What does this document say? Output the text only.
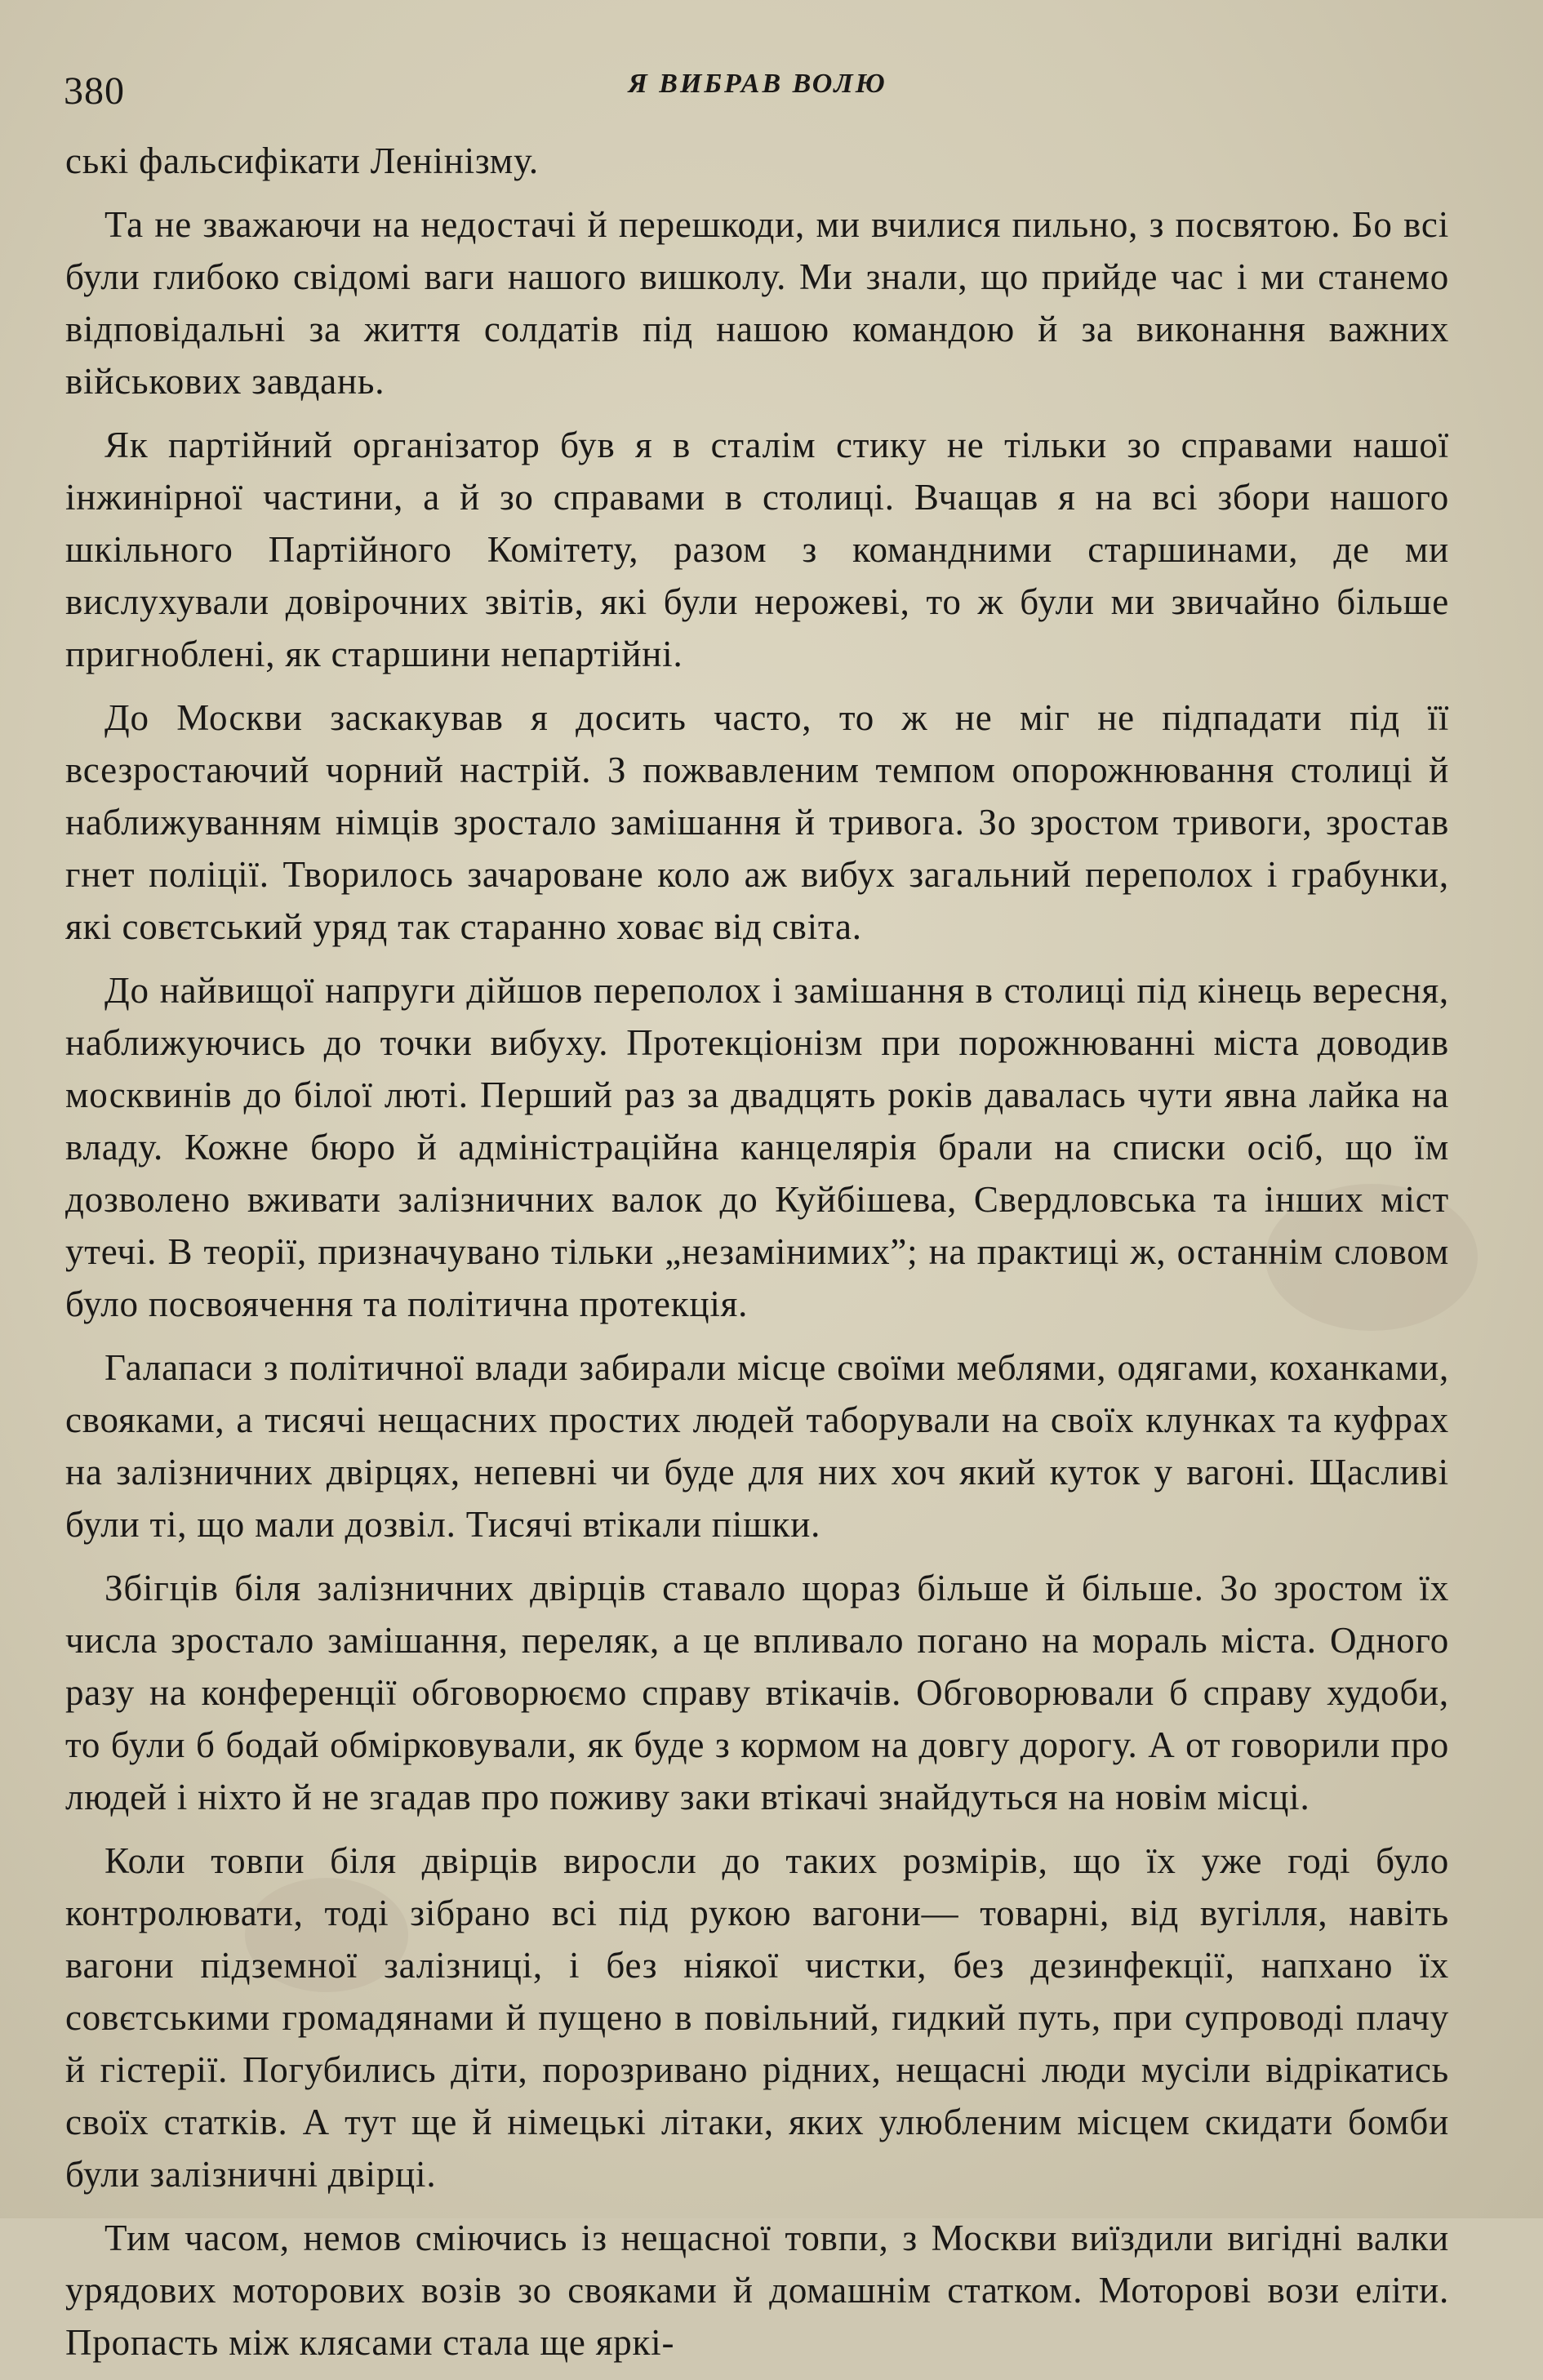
380	Я ВИБРАВ ВОЛЮ

ські фальсифікати Ленінізму.

Та не зважаючи на недостачі й перешкоди, ми вчилися пильно, з посвятою. Бо всі були глибоко свідомі ваги нашого вишколу. Ми знали, що прийде час і ми станемо відповідальні за життя солдатів під нашою командою й за виконання важних військових завдань.

Як партійний організатор був я в сталім стику не тільки зо справами нашої інжинірної частини, а й зо справами в столиці. Вчащав я на всі збори нашого шкільного Партійного Комітету, разом з командними старшинами, де ми вислухували довірочних звітів, які були нерожеві, то ж були ми звичайно більше пригноблені, як старшини непартійні.

До Москви заскакував я досить часто, то ж не міг не підпадати під її всезростаючий чорний настрій. З пожвавленим темпом опорожнювання столиці й наближуванням німців зростало замішання й тривога. Зо зростом тривоги, зростав гнет поліції. Творилось зачароване коло аж вибух загальний переполох і грабунки, які совєтський уряд так старанно ховає від світа.

До найвищої напруги дійшов переполох і замішання в столиці під кінець вересня, наближуючись до точки вибуху. Протекціонізм при порожнюванні міста доводив москвинів до білої люті. Перший раз за двадцять років давалась чути явна лайка на владу. Кожне бюро й адміністраційна канцелярія брали на списки осіб, що їм дозволено вживати залізничних валок до Куйбішева, Свердловська та інших міст утечі. В теорії, призначувано тільки „незамінимих”; на практиці ж, останнім словом було посвоячення та політична протекція.

Галапаси з політичної влади забирали місце своїми меблями, одягами, коханками, свояками, а тисячі нещасних простих людей таборували на своїх клунках та куфрах на залізничних двірцях, непевні чи буде для них хоч який куток у вагоні. Щасливі були ті, що мали дозвіл. Тисячі втікали пішки.

Збігців біля залізничних двірців ставало щораз більше й більше. Зо зростом їх числа зростало замішання, переляк, а це впливало погано на мораль міста. Одного разу на конференції обговорюємо справу втікачів. Обговорювали б справу худоби, то були б бодай обмірковували, як буде з кормом на довгу дорогу. А от говорили про людей і ніхто й не згадав про поживу заки втікачі знайдуться на новім місці.

Коли товпи біля двірців виросли до таких розмірів, що їх уже годі було контролювати, тоді зібрано всі під рукою вагони— товарні, від вугілля, навіть вагони підземної залізниці, і без ніякої чистки, без дезинфекції, напхано їх совєтськими громадянами й пущено в повільний, гидкий путь, при супроводі плачу й гістерії. Погубились діти, порозривано рідних, нещасні люди мусіли відрікатись своїх статків. А тут ще й німецькі літаки, яких улюбленим місцем скидати бомби були залізничні двірці.

Тим часом, немов сміючись із нещасної товпи, з Москви виїздили вигідні валки урядових моторових возів зо свояками й домашнім статком. Моторові вози еліти. Пропасть між клясами стала ще яркі-
